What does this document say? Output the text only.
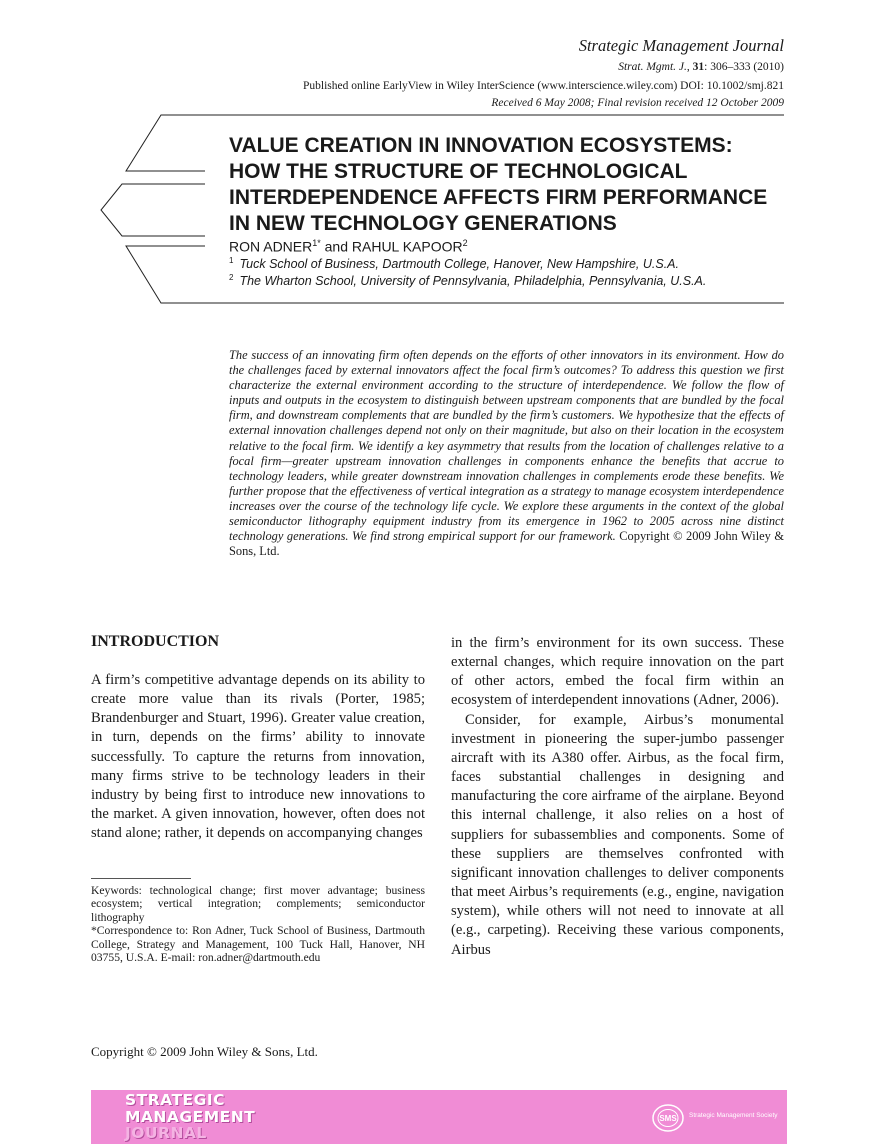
Strategic Management Journal
Strat. Mgmt. J., 31: 306–333 (2010)
Published online EarlyView in Wiley InterScience (www.interscience.wiley.com) DOI: 10.1002/smj.821
Received 6 May 2008; Final revision received 12 October 2009
VALUE CREATION IN INNOVATION ECOSYSTEMS:
HOW THE STRUCTURE OF TECHNOLOGICAL
INTERDEPENDENCE AFFECTS FIRM PERFORMANCE
IN NEW TECHNOLOGY GENERATIONS
RON $ADNER^{1*}$ and RAHUL KAPOOR$^2$
$^1$ Tuck School of Business, Dartmouth College, Hanover, New Hampshire, U.S.A.
$^2$ The Wharton School, University of Pennsylvania, Philadelphia, Pennsylvania, U.S.A.
The success of an innovating firm often depends on the efforts of other innovators in its environment. How do the challenges faced by external innovators affect the focal firm’s outcomes? To address this question we first characterize the external environment according to the structure of interdependence. We follow the flow of inputs and outputs in the ecosystem to distinguish between upstream components that are bundled by the focal firm, and downstream complements that are bundled by the firm’s customers. We hypothesize that the effects of external innovation challenges depend not only on their magnitude, but also on their location in the ecosystem relative to the focal firm. We identify a key asymmetry that results from the location of challenges relative to a focal firm—greater upstream innovation challenges in components enhance the benefits that accrue to technology leaders, while greater downstream innovation challenges in complements erode these benefits. We further propose that the effectiveness of vertical integration as a strategy to manage ecosystem interdependence increases over the course of the technology life cycle. We explore these arguments in the context of the global semiconductor lithography equipment industry from its emergence in 1962 to 2005 across nine distinct technology generations. We find strong empirical support for our framework. Copyright © 2009 John Wiley & Sons, Ltd.
INTRODUCTION

A firm’s competitive advantage depends on its ability to create more value than its rivals (Porter, 1985; Brandenburger and Stuart, 1996). Greater value creation, in turn, depends on the firms’ ability to innovate successfully. To capture the returns from innovation, many firms strive to be technology leaders in their industry by being first to introduce new innovations to the market. A given innovation, however, often does not stand alone; rather, it depends on accompanying changes

in the firm’s environment for its own success. These external changes, which require innovation on the part of other actors, embed the focal firm within an ecosystem of interdependent innovations (Adner, 2006).

Consider, for example, Airbus’s monumental investment in pioneering the super-jumbo passenger aircraft with its A380 offer. Airbus, as the focal firm, faces substantial challenges in designing and manufacturing the core airframe of the airplane. Beyond this internal challenge, it also relies on a host of suppliers for subassemblies and components. Some of these suppliers are themselves confronted with significant innovation challenges to deliver components that meet Airbus’s requirements (e.g., engine, navigation system), while others will not need to innovate at all (e.g., carpeting). Receiving these various components, Airbus

Keywords: technological change; first mover advantage; business ecosystem; vertical integration; complements; semiconductor lithography

*Correspondence to: Ron Adner, Tuck School of Business, Dartmouth College, Strategy and Management, 100 Tuck Hall, Hanover, NH 03755, U.S.A. E-mail: ron.adner@dartmouth.edu

Copyright © 2009 John Wiley & Sons, Ltd.
STRATEGIC
MANAGEMENT
JOURNAL
SMS Strategic Management Society
